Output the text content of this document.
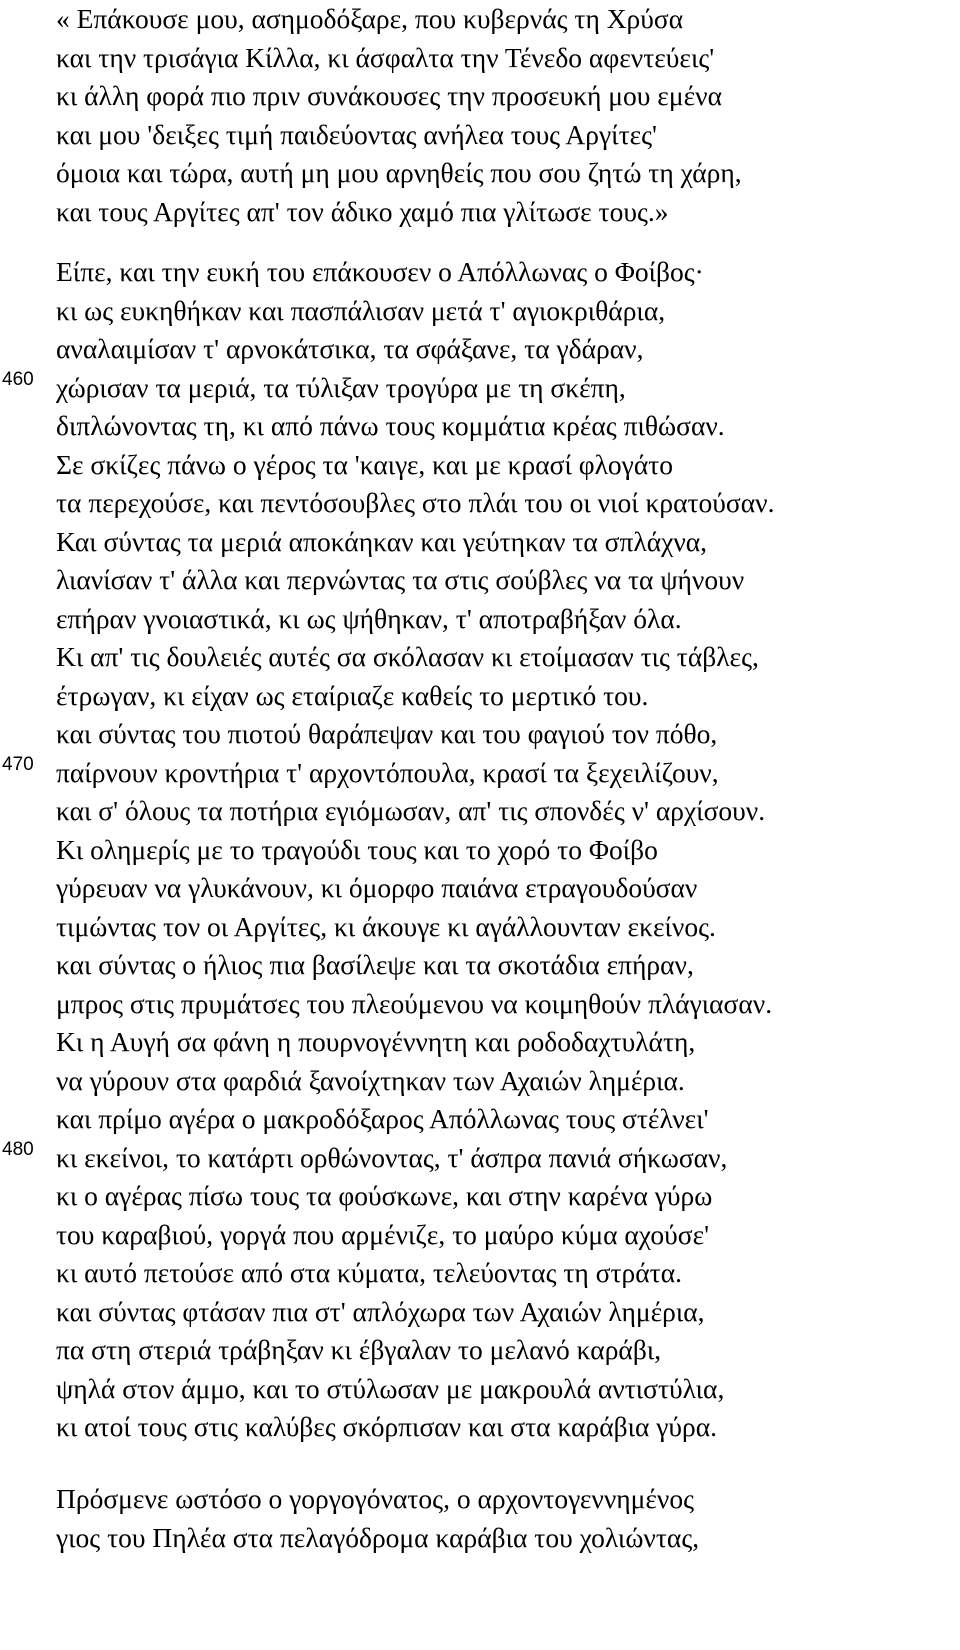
« Επάκουσε μου, ασημοδόξαρε, που κυβερνάς τη Χρύσα
και την τρισάγια Κίλλα, κι άσφαλτα την Τένεδο αφεντεύεις'
κι άλλη φορά πιο πριν συνάκουσες την προσευκή μου εμένα
και μου 'δειξες τιμή παιδεύοντας ανήλεα τους Αργίτες'
όμοια και τώρα, αυτή μη μου αρνηθείς που σου ζητώ τη χάρη,
και τους Αργίτες απ' τον άδικο χαμό πια γλίτωσε τους.»
Είπε, και την ευκή του επάκουσεν ο Απόλλωνας ο Φοίβος·
κι ως ευκηθήκαν και πασπάλισαν μετά τ' αγιοκριθάρια,
αναλαιμίσαν τ' αρνοκάτσικα, τα σφάξανε, τα γδάραν,
460 χώρισαν τα μεριά, τα τύλιξαν τρογύρα με τη σκέπη,
διπλώνοντας τη, κι από πάνω τους κομμάτια κρέας πιθώσαν.
Σε σκίζες πάνω ο γέρος τα 'καιγε, και με κρασί φλογάτο
τα περεχούσε, και πεντόσουβλες στο πλάι του οι νιοί κρατούσαν.
Και σύντας τα μεριά αποκάηκαν και γεύτηκαν τα σπλάχνα,
λιανίσαν τ' άλλα και περνώντας τα στις σούβλες να τα ψήνουν
επήραν γνοιαστικά, κι ως ψήθηκαν, τ' αποτραβήξαν όλα.
Κι απ' τις δουλειές αυτές σα σκόλασαν κι ετοίμασαν τις τάβλες,
έτρωγαν, κι είχαν ως εταίριαζε καθείς το μερτικό του.
και σύντας του πιοτού θαράπεψαν και του φαγιού τον πόθο,
470 παίρνουν κροντήρια τ' αρχοντόπουλα, κρασί τα ξεχειλίζουν,
και σ' όλους τα ποτήρια εγιόμωσαν, απ' τις σπονδές ν' αρχίσουν.
Κι ολημερίς με το τραγούδι τους και το χορό το Φοίβο
γύρευαν να γλυκάνουν, κι όμορφο παιάνα ετραγουδούσαν
τιμώντας τον οι Αργίτες, κι άκουγε κι αγάλλουνταν εκείνος.
και σύντας ο ήλιος πια βασίλεψε και τα σκοτάδια επήραν,
μπρος στις πρυμάτσες του πλεούμενου να κοιμηθούν πλάγιασαν.
Κι η Αυγή σα φάνη η πουρνογέννητη και ροδοδαχτυλάτη,
να γύρουν στα φαρδιά ξανοίχτηκαν των Αχαιών λημέρια.
και πρίμο αγέρα ο μακροδόξαρος Απόλλωνας τους στέλνει'
480 κι εκείνοι, το κατάρτι ορθώνοντας, τ' άσπρα πανιά σήκωσαν,
κι ο αγέρας πίσω τους τα φούσκωνε, και στην καρένα γύρω
του καραβιού, γοργά που αρμένιζε, το μαύρο κύμα αχούσε'
κι αυτό πετούσε από στα κύματα, τελεύοντας τη στράτα.
και σύντας φτάσαν πια στ' απλόχωρα των Αχαιών λημέρια,
πα στη στεριά τράβηξαν κι έβγαλαν το μελανό καράβι,
ψηλά στον άμμο, και το στύλωσαν με μακρουλά αντιστύλια,
κι ατοί τους στις καλύβες σκόρπισαν και στα καράβια γύρα.
Πρόσμενε ωστόσο ο γοργογόνατος, ο αρχοντογεννημένος
γιος του Πηλέα στα πελαγόδρομα καράβια του χολιώντας,
